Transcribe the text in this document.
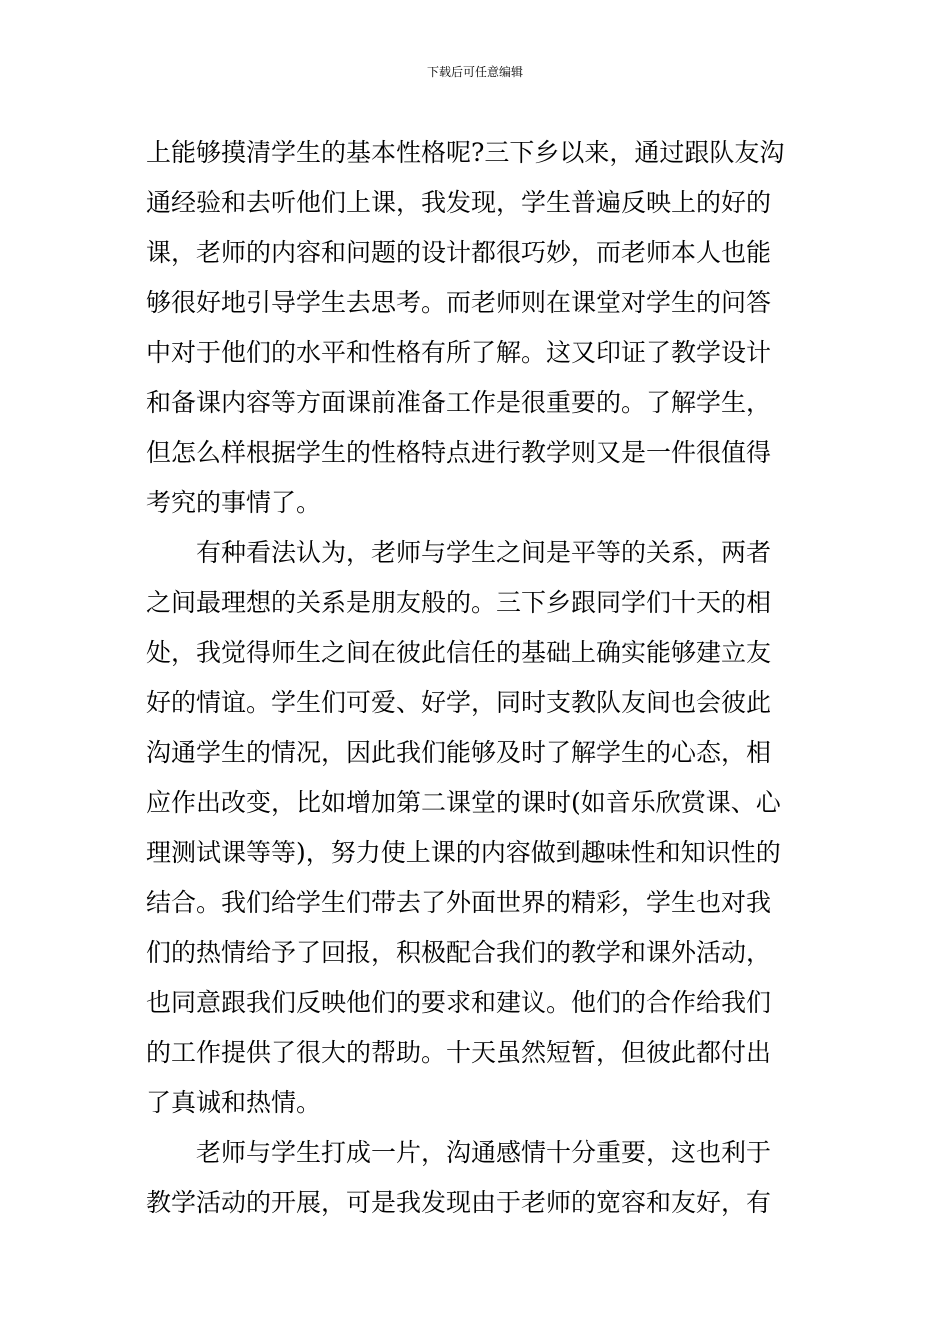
下载后可任意编辑
上能够摸清学生的基本性格呢?三下乡以来，通过跟队友沟
通经验和去听他们上课，我发现，学生普遍反映上的好的
课，老师的内容和问题的设计都很巧妙，而老师本人也能
够很好地引导学生去思考。而老师则在课堂对学生的问答
中对于他们的水平和性格有所了解。这又印证了教学设计
和备课内容等方面课前准备工作是很重要的。了解学生，
但怎么样根据学生的性格特点进行教学则又是一件很值得
考究的事情了。
有种看法认为，老师与学生之间是平等的关系，两者
之间最理想的关系是朋友般的。三下乡跟同学们十天的相
处，我觉得师生之间在彼此信任的基础上确实能够建立友
好的情谊。学生们可爱、好学，同时支教队友间也会彼此
沟通学生的情况，因此我们能够及时了解学生的心态，相
应作出改变，比如增加第二课堂的课时(如音乐欣赏课、心
理测试课等等)，努力使上课的内容做到趣味性和知识性的
结合。我们给学生们带去了外面世界的精彩，学生也对我
们的热情给予了回报，积极配合我们的教学和课外活动，
也同意跟我们反映他们的要求和建议。他们的合作给我们
的工作提供了很大的帮助。十天虽然短暂，但彼此都付出
了真诚和热情。
老师与学生打成一片，沟通感情十分重要，这也利于
教学活动的开展，可是我发现由于老师的宽容和友好，有
